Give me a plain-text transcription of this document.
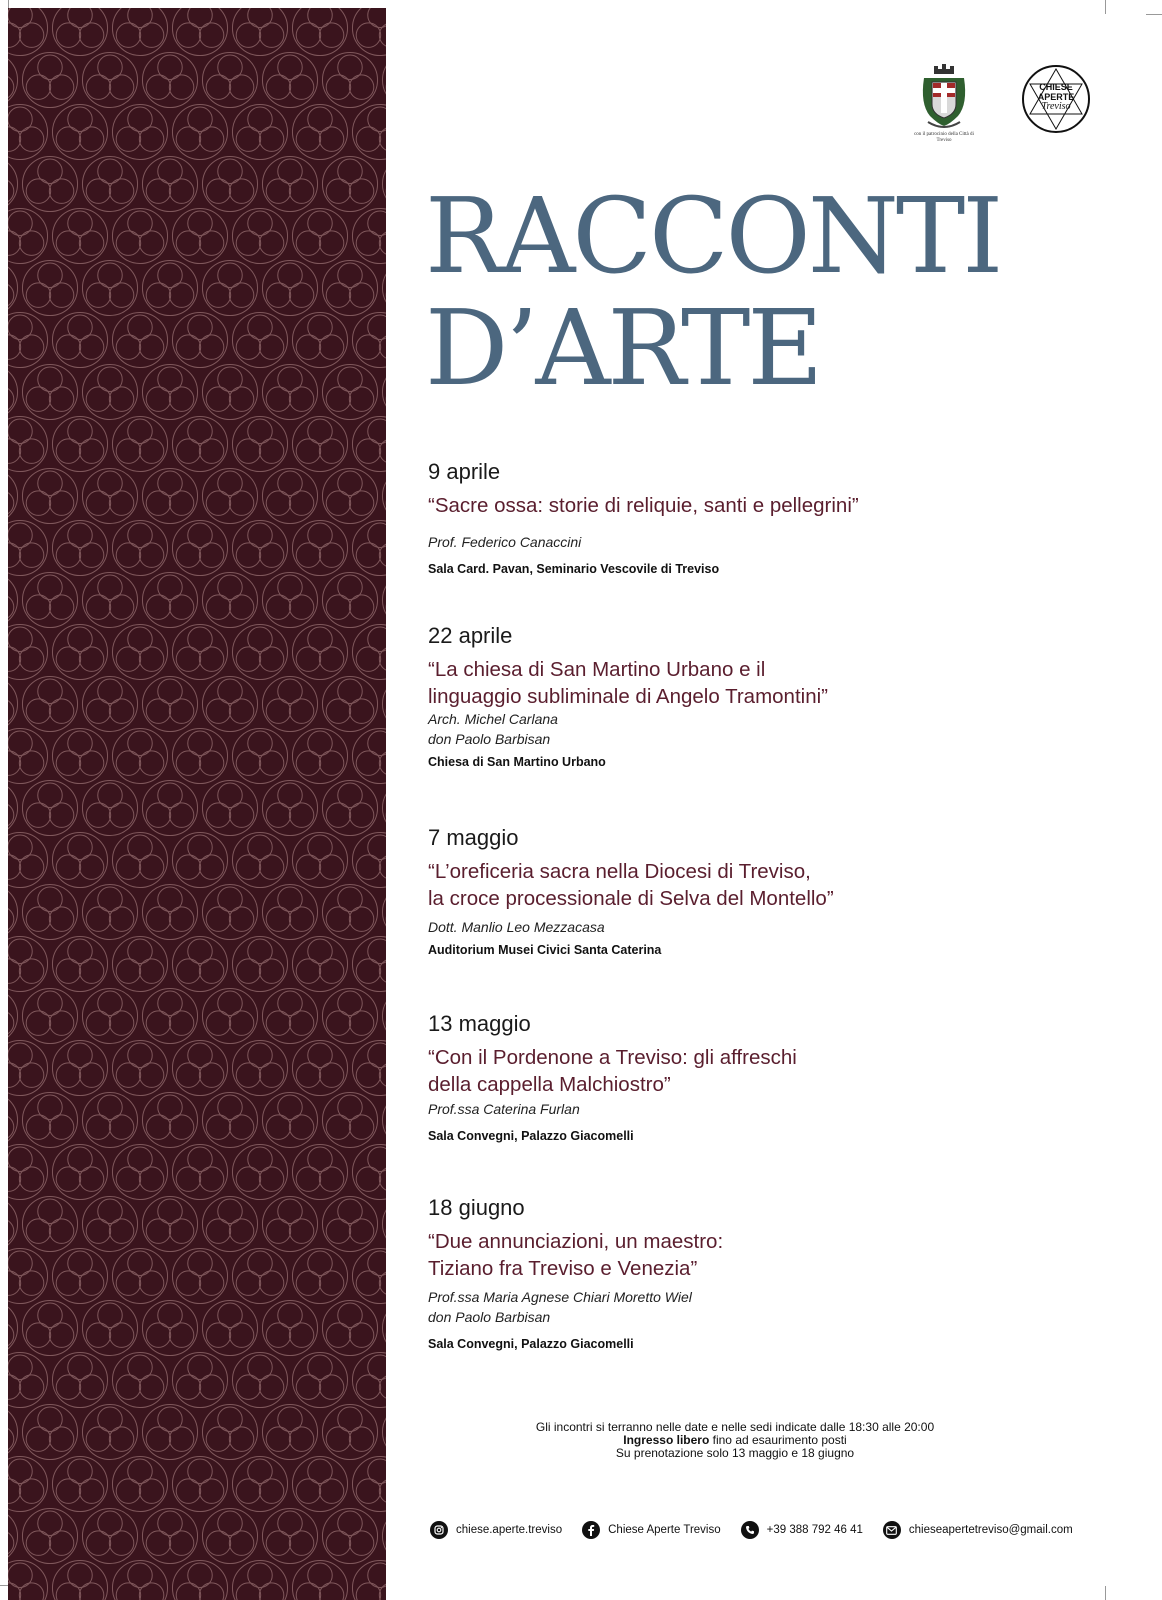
con il patrocinio della Città di Treviso
CHIESE
APERTE
Treviso
RACCONTI
D’ARTE
9 aprile
“Sacre ossa: storie di reliquie, santi e pellegrini”
Prof. Federico Canaccini
Sala Card. Pavan, Seminario Vescovile di Treviso
22 aprile
“La chiesa di San Martino Urbano e il
linguaggio subliminale di Angelo Tramontini”
Arch. Michel Carlana
don Paolo Barbisan
Chiesa di San Martino Urbano
7 maggio
“L’oreficeria sacra nella Diocesi di Treviso,
la croce processionale di Selva del Montello”
Dott. Manlio Leo Mezzacasa
Auditorium Musei Civici Santa Caterina
13 maggio
“Con il Pordenone a Treviso: gli affreschi
della cappella Malchiostro”
Prof.ssa Caterina Furlan
Sala Convegni, Palazzo Giacomelli
18 giugno
“Due annunciazioni, un maestro:
Tiziano fra Treviso e Venezia”
Prof.ssa Maria Agnese Chiari Moretto Wiel
don Paolo Barbisan
Sala Convegni, Palazzo Giacomelli
Gli incontri si terranno nelle date e nelle sedi indicate dalle 18:30 alle 20:00
Ingresso libero fino ad esaurimento posti
Su prenotazione solo 13 maggio e 18 giugno
chiese.aperte.treviso	Chiese Aperte Treviso	+39 388 792 46 41	chieseapertetreviso@gmail.com
